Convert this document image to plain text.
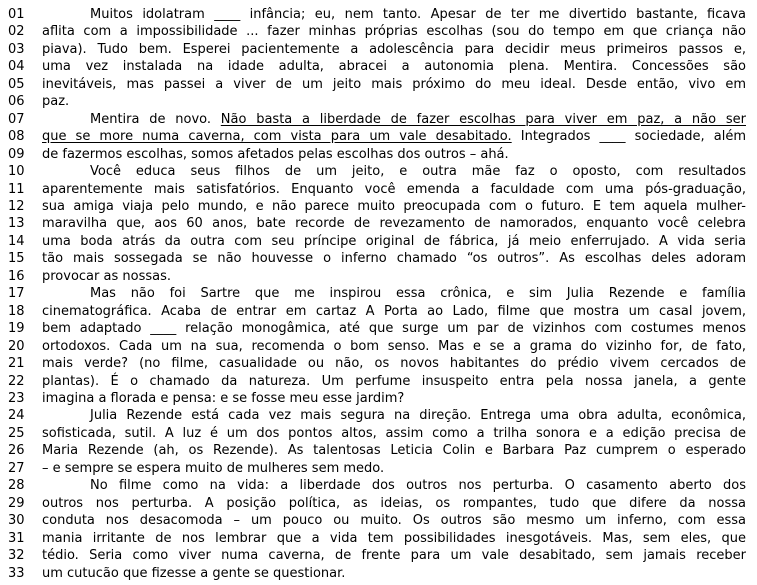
01	Muitos idolatram ____ infância; eu, nem tanto. Apesar de ter me divertido bastante, ficava
02	aflita com a impossibilidade ... fazer minhas próprias escolhas (sou do tempo em que criança não
03	piava). Tudo bem. Esperei pacientemente a adolescência para decidir meus primeiros passos e,
04	uma vez instalada na idade adulta, abracei a autonomia plena. Mentira. Concessões são
05	inevitáveis, mas passei a viver de um jeito mais próximo do meu ideal. Desde então, vivo em
06	paz.
07	Mentira de novo. Não basta a liberdade de fazer escolhas para viver em paz, a não ser
08	que se more numa caverna, com vista para um vale desabitado. Integrados ____ sociedade, além
09	de fazermos escolhas, somos afetados pelas escolhas dos outros – ahá.
10	Você educa seus filhos de um jeito, e outra mãe faz o oposto, com resultados
11	aparentemente mais satisfatórios. Enquanto você emenda a faculdade com uma pós-graduação,
12	sua amiga viaja pelo mundo, e não parece muito preocupada com o futuro. E tem aquela mulher-
13	maravilha que, aos 60 anos, bate recorde de revezamento de namorados, enquanto você celebra
14	uma boda atrás da outra com seu príncipe original de fábrica, já meio enferrujado. A vida seria
15	tão mais sossegada se não houvesse o inferno chamado “os outros”. As escolhas deles adoram
16	provocar as nossas.
17	Mas não foi Sartre que me inspirou essa crônica, e sim Julia Rezende e família
18	cinematográfica. Acaba de entrar em cartaz A Porta ao Lado, filme que mostra um casal jovem,
19	bem adaptado ____ relação monogâmica, até que surge um par de vizinhos com costumes menos
20	ortodoxos. Cada um na sua, recomenda o bom senso. Mas e se a grama do vizinho for, de fato,
21	mais verde? (no filme, casualidade ou não, os novos habitantes do prédio vivem cercados de
22	plantas). É o chamado da natureza. Um perfume insuspeito entra pela nossa janela, a gente
23	imagina a florada e pensa: e se fosse meu esse jardim?
24	Julia Rezende está cada vez mais segura na direção. Entrega uma obra adulta, econômica,
25	sofisticada, sutil. A luz é um dos pontos altos, assim como a trilha sonora e a edição precisa de
26	Maria Rezende (ah, os Rezende). As talentosas Leticia Colin e Barbara Paz cumprem o esperado
27	– e sempre se espera muito de mulheres sem medo.
28	No filme como na vida: a liberdade dos outros nos perturba. O casamento aberto dos
29	outros nos perturba. A posição política, as ideias, os rompantes, tudo que difere da nossa
30	conduta nos desacomoda – um pouco ou muito. Os outros são mesmo um inferno, com essa
31	mania irritante de nos lembrar que a vida tem possibilidades inesgotáveis. Mas, sem eles, que
32	tédio. Seria como viver numa caverna, de frente para um vale desabitado, sem jamais receber
33	um cutucão que fizesse a gente se questionar.
